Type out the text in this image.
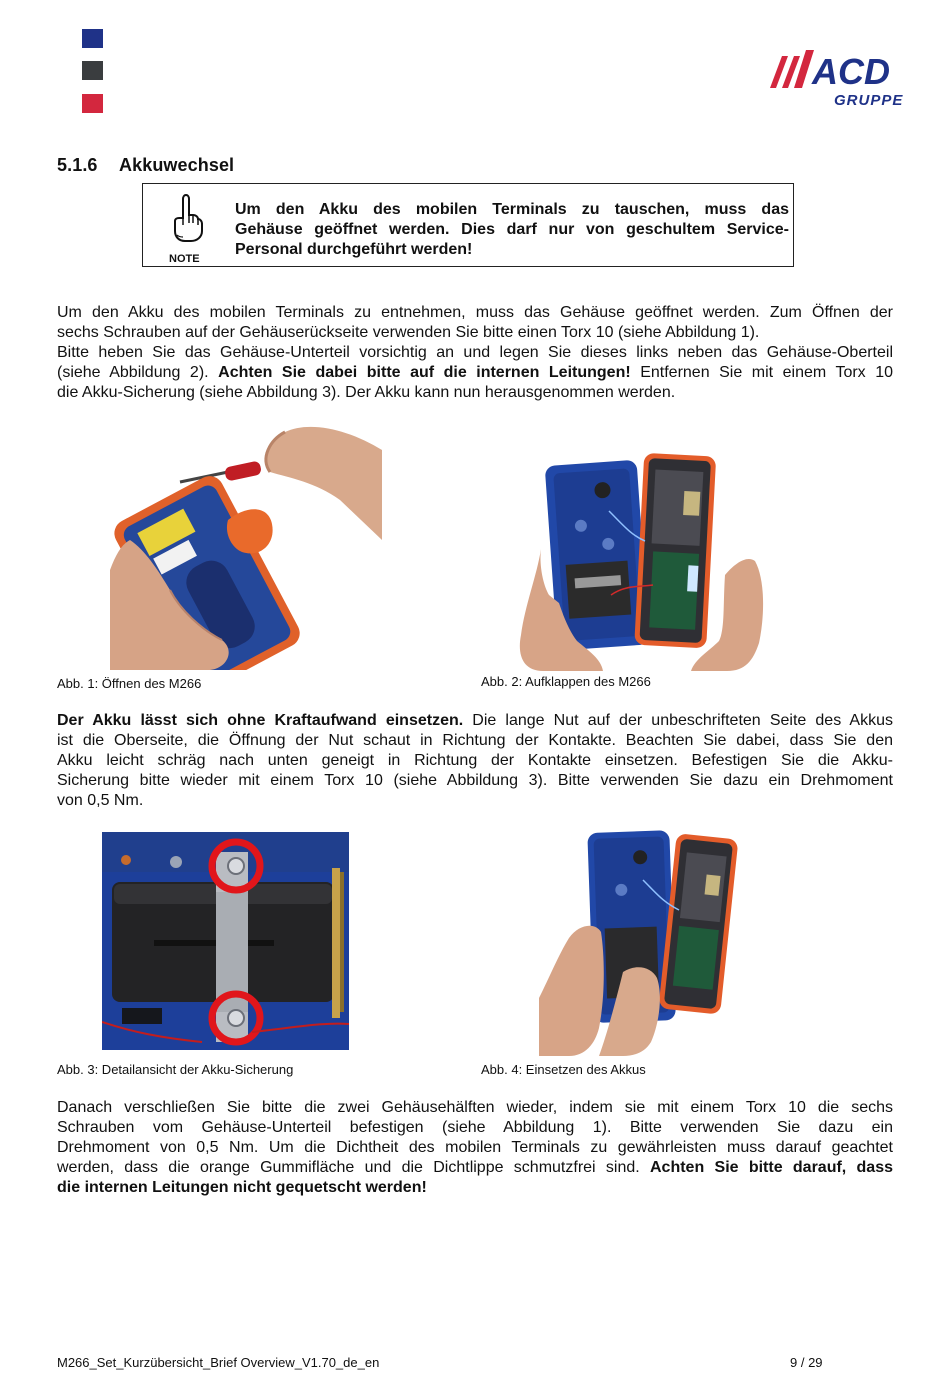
ACD
GRUPPE
5.1.6 Akkuwechsel
NOTE
Um den Akku des mobilen Terminals zu tauschen, muss das
Gehäuse geöffnet werden. Dies darf nur von geschultem Service-
Personal durchgeführt werden!
Um den Akku des mobilen Terminals zu entnehmen, muss das Gehäuse geöffnet werden. Zum Öffnen der
sechs Schrauben auf der Gehäuserückseite verwenden Sie bitte einen Torx 10 (siehe Abbildung 1).
Bitte heben Sie das Gehäuse-Unterteil vorsichtig an und legen Sie dieses links neben das Gehäuse-Oberteil
(siehe Abbildung 2). Achten Sie dabei bitte auf die internen Leitungen! Entfernen Sie mit einem Torx 10
die Akku-Sicherung (siehe Abbildung 3). Der Akku kann nun herausgenommen werden.
Abb. 1: Öffnen des M266	Abb. 2: Aufklappen des M266
Der Akku lässt sich ohne Kraftaufwand einsetzen. Die lange Nut auf der unbeschrifteten Seite des Akkus
ist die Oberseite, die Öffnung der Nut schaut in Richtung der Kontakte. Beachten Sie dabei, dass Sie den
Akku leicht schräg nach unten geneigt in Richtung der Kontakte einsetzen. Befestigen Sie die Akku-
Sicherung bitte wieder mit einem Torx 10 (siehe Abbildung 3). Bitte verwenden Sie dazu ein Drehmoment
von 0,5 Nm.
Abb. 3: Detailansicht der Akku-Sicherung	Abb. 4: Einsetzen des Akkus
Danach verschließen Sie bitte die zwei Gehäusehälften wieder, indem sie mit einem Torx 10 die sechs
Schrauben vom Gehäuse-Unterteil befestigen (siehe Abbildung 1). Bitte verwenden Sie dazu ein
Drehmoment von 0,5 Nm. Um die Dichtheit des mobilen Terminals zu gewährleisten muss darauf geachtet
werden, dass die orange Gummifläche und die Dichtlippe schmutzfrei sind. Achten Sie bitte darauf, dass
die internen Leitungen nicht gequetscht werden!
M266_Set_Kurzübersicht_Brief Overview_V1.70_de_en	9 / 29
